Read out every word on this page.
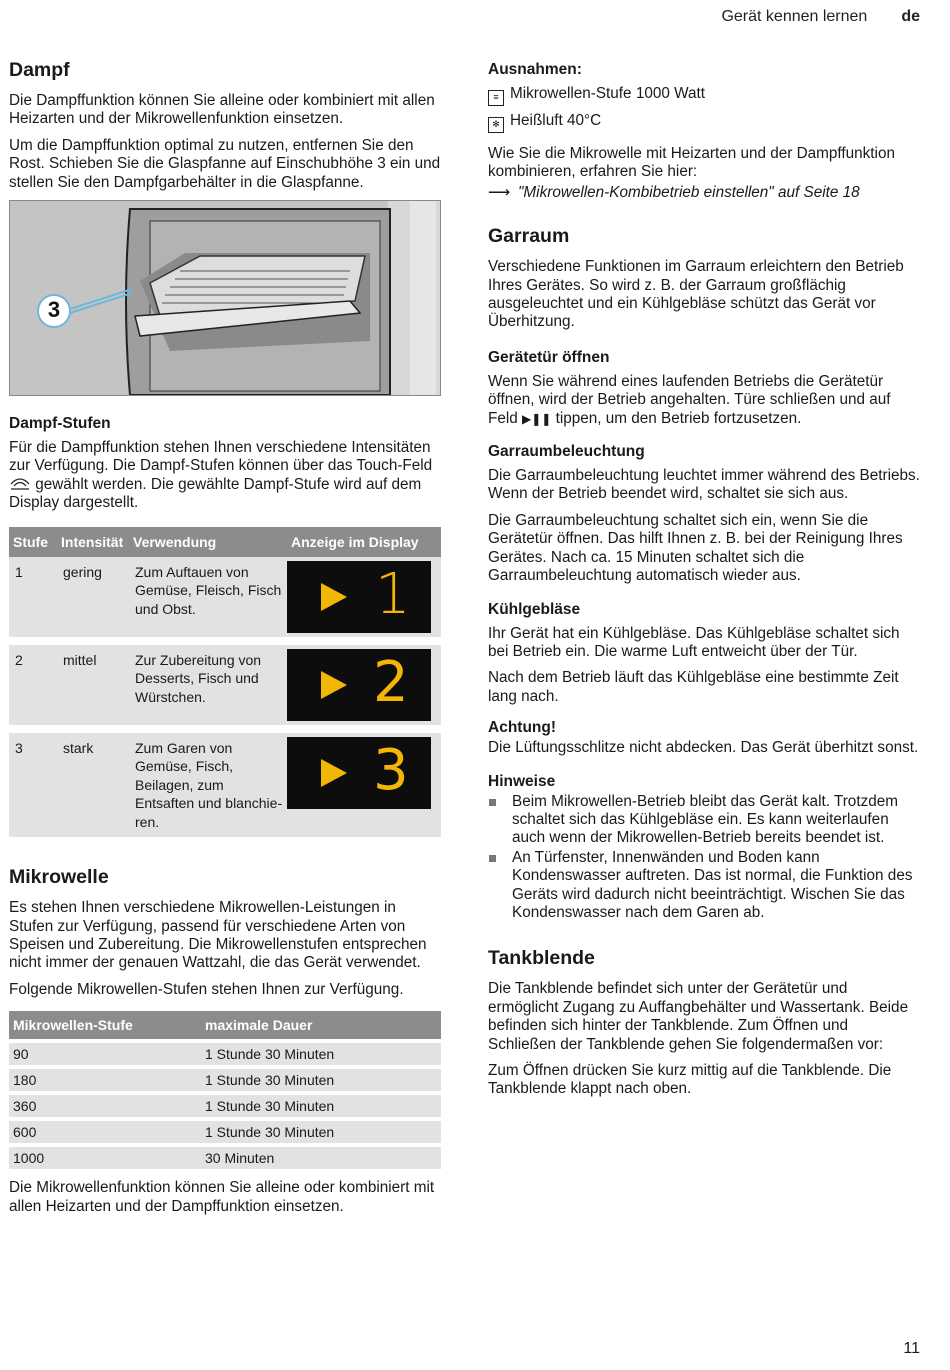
Gerät kennen lernen de
Dampf

Die Dampffunktion können Sie alleine oder kombiniert mit allen Heizarten und der Mikrowellenfunktion einsetzen.

Um die Dampffunktion optimal zu nutzen, entfernen Sie den Rost. Schieben Sie die Glaspfanne auf Einschubhöhe 3 ein und stellen Sie den Dampfgarbehälter in die Glaspfanne.

3
Dampf-Stufen

Für die Dampffunktion stehen Ihnen verschiedene Intensitäten zur Verfügung. Die Dampf-Stufen können über das Touch-Feld  gewählt werden. Die gewählte Dampf-Stufe wird auf dem Display dargestellt.

Stufe	Intensität	Verwendung	Anzeige im Display
1	gering	Zum Auftauen von Gemüse, Fleisch, Fisch und Obst.	1

2	mittel	Zur Zubereitung von Desserts, Fisch und Würstchen.	2

3	stark	Zum Garen von Gemüse, Fisch, Beilagen, zum Entsaften und blanchie-ren.	3
Mikrowelle

Es stehen Ihnen verschiedene Mikrowellen-Leistungen in Stufen zur Verfügung, passend für verschiedene Arten von Speisen und Zubereitung. Die Mikrowellenstufen entsprechen nicht immer der genauen Wattzahl, die das Gerät verwendet.

Folgende Mikrowellen-Stufen stehen Ihnen zur Verfügung.

Mikrowellen-Stufe	maximale Dauer
90	1 Stunde 30 Minuten
180	1 Stunde 30 Minuten
360	1 Stunde 30 Minuten
600	1 Stunde 30 Minuten
1000	30 Minuten

Die Mikrowellenfunktion können Sie alleine oder kombiniert mit allen Heizarten und der Dampffunktion einsetzen.

Ausnahmen:

≡ Mikrowellen-Stufe 1000 Watt

✻ Heißluft 40°C

Wie Sie die Mikrowelle mit Heizarten und der Dampffunktion kombinieren, erfahren Sie hier:

⟶ "Mikrowellen-Kombibetrieb einstellen" auf Seite 18

Garraum

Verschiedene Funktionen im Garraum erleichtern den Betrieb Ihres Gerätes. So wird z. B. der Garraum großflächig ausgeleuchtet und ein Kühlgebläse schützt das Gerät vor Überhitzung.

Gerätetür öffnen

Wenn Sie während eines laufenden Betriebs die Gerätetür öffnen, wird der Betrieb angehalten. Türe schließen und auf Feld ▶❚❚ tippen, um den Betrieb fortzusetzen.

Garraumbeleuchtung

Die Garraumbeleuchtung leuchtet immer während des Betriebs. Wenn der Betrieb beendet wird, schaltet sie sich aus.

Die Garraumbeleuchtung schaltet sich ein, wenn Sie die Gerätetür öffnen. Das hilft Ihnen z. B. bei der Reinigung Ihres Gerätes. Nach ca. 15 Minuten schaltet sich die Garraumbeleuchtung automatisch wieder aus.

Kühlgebläse

Ihr Gerät hat ein Kühlgebläse. Das Kühlgebläse schaltet sich bei Betrieb ein. Die warme Luft entweicht über der Tür.

Nach dem Betrieb läuft das Kühlgebläse eine bestimmte Zeit lang nach.

Achtung!

Die Lüftungsschlitze nicht abdecken. Das Gerät überhitzt sonst.

Hinweise
Beim Mikrowellen-Betrieb bleibt das Gerät kalt. Trotzdem schaltet sich das Kühlgebläse ein. Es kann weiterlaufen auch wenn der Mikrowellen-Betrieb bereits beendet ist.
An Türfenster, Innenwänden und Boden kann Kondenswasser auftreten. Das ist normal, die Funktion des Geräts wird dadurch nicht beeinträchtigt. Wischen Sie das Kondenswasser nach dem Garen ab.
Tankblende

Die Tankblende befindet sich unter der Gerätetür und ermöglicht Zugang zu Auffangbehälter und Wassertank. Beide befinden sich hinter der Tankblende. Zum Öffnen und Schließen der Tankblende gehen Sie folgendermaßen vor:

Zum Öffnen drücken Sie kurz mittig auf die Tankblende. Die Tankblende klappt nach oben.

11
